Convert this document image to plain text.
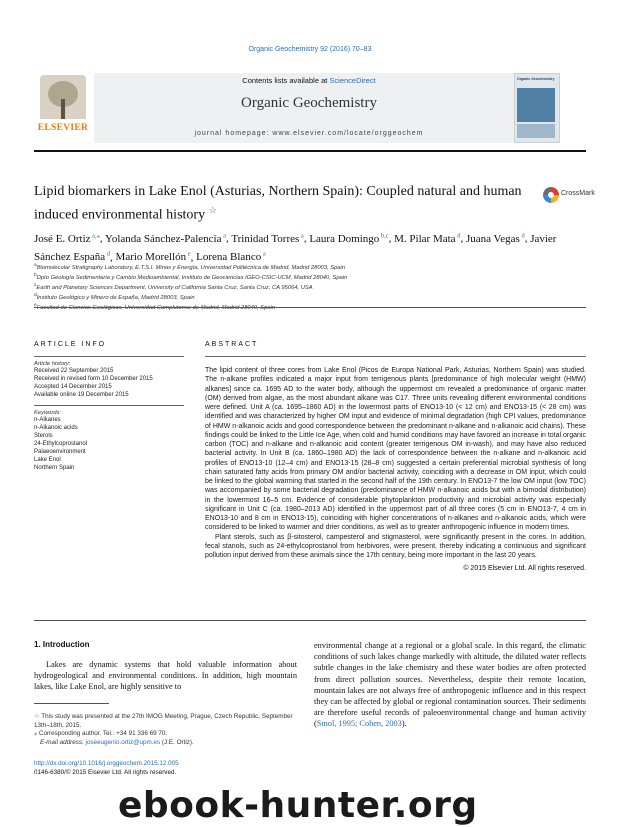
Organic Geochemistry 92 (2016) 70–83
ELSEVIER
Contents lists available at ScienceDirect
Organic Geochemistry
journal homepage: www.elsevier.com/locate/orggeochem
Organic Geochemistry
Lipid biomarkers in Lake Enol (Asturias, Northern Spain): Coupled natural and human induced environmental history ☆
CrossMark
José E. Ortiz $^{a,⁎}$, Yolanda Sánchez-Palencia $^a$, Trinidad Torres $^a$, Laura Domingo $^{b,c}$, M. Pilar Mata $^d$, Juana Vegas $^d$, Javier Sánchez España $^d$, Mario Morellón $^e$, Lorena Blanco $^a$
$^a$Biomolecular Stratigraphy Laboratory, E.T.S.I. Minas y Energía, Universidad Politécnica de Madrid, Madrid 28003, Spain
$^b$Dpto Geología Sedimentaria y Cambio Medioambiental, Instituto de Geociencias IGEO-CSIC-UCM, Madrid 28040, Spain
$^c$Earth and Planetary Sciences Department, University of California Santa Cruz, Santa Cruz, CA 95064, USA
$^d$Instituto Geológico y Minero de España, Madrid 28003, Spain
$^e$Facultad de Ciencias Geológicas, Universidad Complutense de Madrid, Madrid 28040, Spain
ARTICLE INFO
Article history:
Received 22 September 2015
Received in revised form 10 December 2015
Accepted 14 December 2015
Available online 19 December 2015
Keywords:
n-Alkanes
n-Alkanoic acids
Sterols
24-Ethylcoprostanol
Palaeoenvironment
Lake Enol
Northern Spain
ABSTRACT

The lipid content of three cores from Lake Enol (Picos de Europa National Park, Asturias, Northern Spain) was studied. The n-alkane profiles indicated a major input from terrigenous plants [predominance of high molecular weight (HMW) alkanes] since ca. 1695 AD to the water body, although the uppermost cm revealed a predominance of organic matter (OM) derived from algae, as the most abundant alkane was C17. Three units revealing different environmental conditions were defined. Unit A (ca. 1695–1860 AD) in the lowermost parts of ENO13-10 (< 12 cm) and ENO13-15 (< 28 cm) was identified and was characterized by higher OM input and evidence of minimal degradation (high CPI values, predominance of HMW n-alkanoic acids and good correspondence between the predominant n-alkane and n-alkanoic acid chains). These findings could be linked to the Little Ice Age, when cold and humid conditions may have favored an increase in total organic carbon (TOC) and n-alkane and n-alkanoic acid content (greater terrigenous OM in-wash), and may have also reduced bacterial activity. In Unit B (ca. 1860–1980 AD) the lack of correspondence between the n-alkane and n-alkanoic acid profiles of ENO13-10 (12–4 cm) and ENO13-15 (28–8 cm) suggested a certain preferential microbial synthesis of long chain saturated fatty acids from primary OM and/or bacterial activity, coinciding with a decrease in OM input, which could be linked to the global warming that started in the second half of the 19th century. In ENO13-7 the low OM input (low TOC) was accompanied by some bacterial degradation (predominance of HMW n-alkanoic acids but with a bimodal distribution) in the lowermost 16–5 cm. Evidence of considerable phytoplankton productivity and microbial activity was especially significant in Unit C (ca. 1980–2013 AD) identified in the uppermost part of all three cores (5 cm in ENO13-7, 4 cm in ENO13-10 and 8 cm in ENO13-15), coinciding with higher concentrations of n-alkanes and n-alkanoic acids, which were considered to be linked to warmer and drier conditions, as well as to greater anthropogenic influence in modern times.

Plant sterols, such as β-sitosterol, campesterol and stigmasterol, were significantly present in the cores. In addition, fecal stanols, such as 24-ethylcoprostanol from herbivores, were present, thereby indicating a continuous and significant pollution input derived from these animals since the 17th century, being more important in the last 20 years.

© 2015 Elsevier Ltd. All rights reserved.
1. Introduction
Lakes are dynamic systems that hold valuable information about hydrogeological and environmental conditions. In addition, high mountain lakes, like Lake Enol, are highly sensitive to
environmental change at a regional or a global scale. In this regard, the climatic conditions of such lakes change markedly with altitude, the diluted water reflects subtle changes in the lake chemistry and these water bodies are often protected from direct pollution sources. Nevertheless, despite their remote location, mountain lakes are not always free of anthropogenic influence and in this respect they can be affected by global or regional contamination sources. Their sediments are therefore useful records of paleoenvironmental change and human activity (Smol, 1995; Cohen, 2003).
☆ This study was presented at the 27th IMOG Meeting, Prague, Czech Republic, September 13th–18th, 2015.
⁎ Corresponding author. Tel.: +34 91 336 69 70.
E-mail address: joseeugenio.ortiz@upm.es (J.E. Ortiz).
http://dx.doi.org/10.1016/j.orggeochem.2015.12.005
0146-6380/© 2015 Elsevier Ltd. All rights reserved.
ebook-hunter.org
